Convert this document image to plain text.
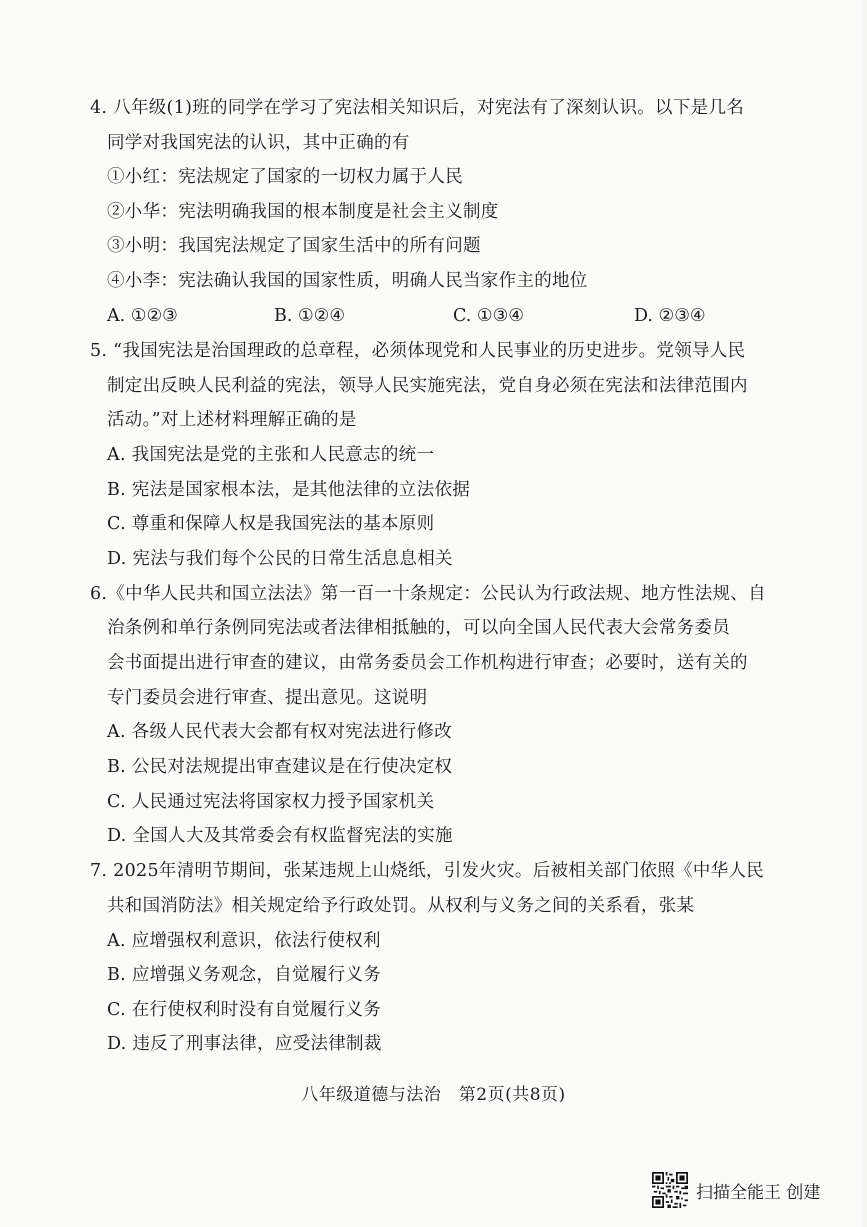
4. 八年级(1)班的同学在学习了宪法相关知识后，对宪法有了深刻认识。以下是几名
同学对我国宪法的认识，其中正确的有
①小红：宪法规定了国家的一切权力属于人民
②小华：宪法明确我国的根本制度是社会主义制度
③小明：我国宪法规定了国家生活中的所有问题
④小李：宪法确认我国的国家性质，明确人民当家作主的地位
A. ①②③	B. ①②④	C. ①③④	D. ②③④
5. “我国宪法是治国理政的总章程，必须体现党和人民事业的历史进步。党领导人民
制定出反映人民利益的宪法，领导人民实施宪法，党自身必须在宪法和法律范围内
活动。”对上述材料理解正确的是
A. 我国宪法是党的主张和人民意志的统一
B. 宪法是国家根本法，是其他法律的立法依据
C. 尊重和保障人权是我国宪法的基本原则
D. 宪法与我们每个公民的日常生活息息相关
6.《中华人民共和国立法法》第一百一十条规定：公民认为行政法规、地方性法规、自
治条例和单行条例同宪法或者法律相抵触的，可以向全国人民代表大会常务委员
会书面提出进行审查的建议，由常务委员会工作机构进行审查；必要时，送有关的
专门委员会进行审查、提出意见。这说明
A. 各级人民代表大会都有权对宪法进行修改
B. 公民对法规提出审查建议是在行使决定权
C. 人民通过宪法将国家权力授予国家机关
D. 全国人大及其常委会有权监督宪法的实施
7. 2025年清明节期间，张某违规上山烧纸，引发火灾。后被相关部门依照《中华人民
共和国消防法》相关规定给予行政处罚。从权利与义务之间的关系看，张某
A. 应增强权利意识，依法行使权利
B. 应增强义务观念，自觉履行义务
C. 在行使权利时没有自觉履行义务
D. 违反了刑事法律，应受法律制裁
八年级道德与法治　第2页(共8页)
扫描全能王 创建
